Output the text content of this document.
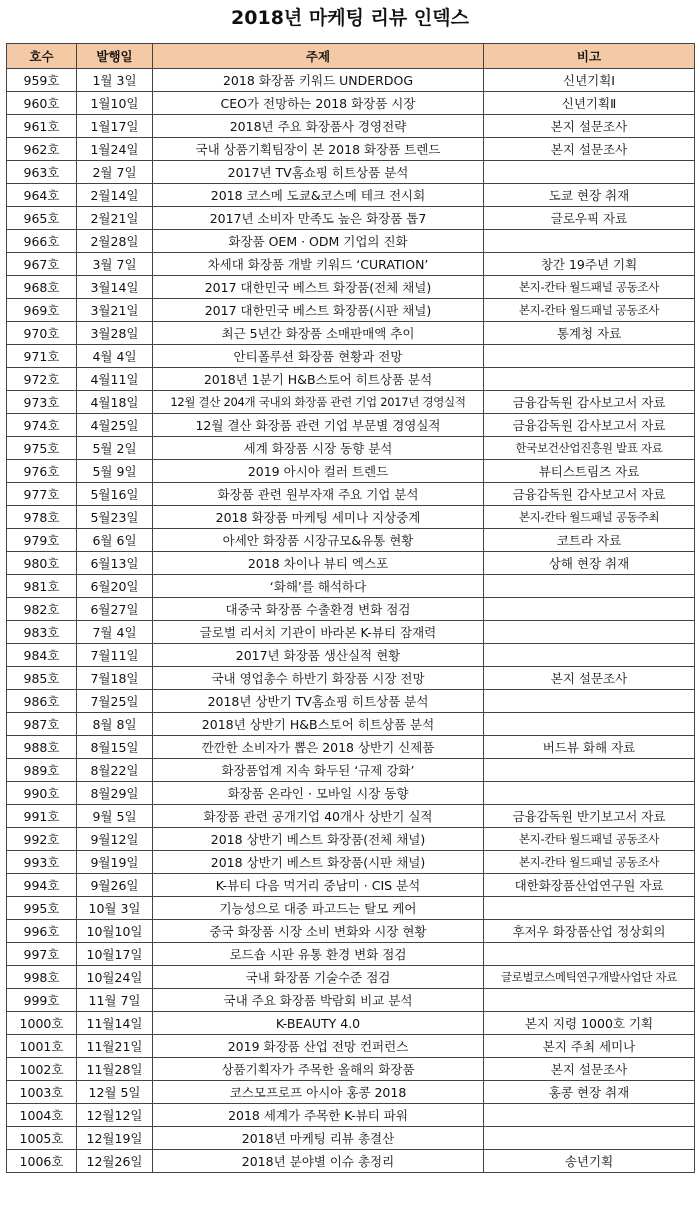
2018년 마케팅 리뷰 인덱스
호수	발행일	주제	비고
959호	1월 3일	2018 화장품 키워드 UNDERDOG	신년기획Ⅰ
960호	1월10일	CEO가 전망하는 2018 화장품 시장	신년기획Ⅱ
961호	1월17일	2018년 주요 화장품사 경영전략	본지 설문조사
962호	1월24일	국내 상품기획팀장이 본 2018 화장품 트렌드	본지 설문조사
963호	2월 7일	2017년 TV홈쇼핑 히트상품 분석	
964호	2월14일	2018 코스메 도쿄&코스메 테크 전시회	도쿄 현장 취재
965호	2월21일	2017년 소비자 만족도 높은 화장품 톱7	글로우픽 자료
966호	2월28일	화장품 OEM · ODM 기업의 진화	
967호	3월 7일	차세대 화장품 개발 키워드 ‘CURATION’	창간 19주년 기획
968호	3월14일	2017 대한민국 베스트 화장품(전체 채널)	본지-칸타 월드패널 공동조사
969호	3월21일	2017 대한민국 베스트 화장품(시판 채널)	본지-칸타 월드패널 공동조사
970호	3월28일	최근 5년간 화장품 소매판매액 추이	통계청 자료
971호	4월 4일	안티폴루션 화장품 현황과 전망	
972호	4월11일	2018년 1분기 H&B스토어 히트상품 분석	
973호	4월18일	12월 결산 204개 국내외 화장품 관련 기업 2017년 경영실적	금융감독원 감사보고서 자료
974호	4월25일	12월 결산 화장품 관련 기업 부문별 경영실적	금융감독원 감사보고서 자료
975호	5월 2일	세계 화장품 시장 동향 분석	한국보건산업진흥원 발표 자료
976호	5월 9일	2019 아시아 컬러 트렌드	뷰티스트림즈 자료
977호	5월16일	화장품 관련 원부자재 주요 기업 분석	금융감독원 감사보고서 자료
978호	5월23일	2018 화장품 마케팅 세미나 지상중계	본지-칸타 월드패널 공동주최
979호	6월 6일	아세안 화장품 시장규모&유통 현황	코트라 자료
980호	6월13일	2018 차이나 뷰티 엑스포	상해 현장 취재
981호	6월20일	‘화해’를 해석하다	
982호	6월27일	대중국 화장품 수출환경 변화 점검	
983호	7월 4일	글로벌 리서치 기관이 바라본 K-뷰티 잠재력	
984호	7월11일	2017년 화장품 생산실적 현황	
985호	7월18일	국내 영업총수 하반기 화장품 시장 전망	본지 설문조사
986호	7월25일	2018년 상반기 TV홈쇼핑 히트상품 분석	
987호	8월 8일	2018년 상반기 H&B스토어 히트상품 분석	
988호	8월15일	깐깐한 소비자가 뽑은 2018 상반기 신제품	버드뷰 화해 자료
989호	8월22일	화장품업계 지속 화두된 ‘규제 강화’	
990호	8월29일	화장품 온라인 · 모바일 시장 동향	
991호	9월 5일	화장품 관련 공개기업 40개사 상반기 실적	금융감독원 반기보고서 자료
992호	9월12일	2018 상반기 베스트 화장품(전체 채널)	본지-칸타 월드패널 공동조사
993호	9월19일	2018 상반기 베스트 화장품(시판 채널)	본지-칸타 월드패널 공동조사
994호	9월26일	K-뷰티 다음 먹거리 중남미 · CIS 분석	대한화장품산업연구원 자료
995호	10월 3일	기능성으로 대중 파고드는 탈모 케어	
996호	10월10일	중국 화장품 시장 소비 변화와 시장 현황	후저우 화장품산업 정상회의
997호	10월17일	로드숍 시판 유통 환경 변화 점검	
998호	10월24일	국내 화장품 기술수준 점검	글로벌코스메틱연구개발사업단 자료
999호	11월 7일	국내 주요 화장품 박람회 비교 분석	
1000호	11월14일	K-BEAUTY 4.0	본지 지령 1000호 기획
1001호	11월21일	2019 화장품 산업 전망 컨퍼런스	본지 주최 세미나
1002호	11월28일	상품기획자가 주목한 올해의 화장품	본지 설문조사
1003호	12월 5일	코스모프로프 아시아 홍콩 2018	홍콩 현장 취재
1004호	12월12일	2018 세계가 주목한 K-뷰티 파워	
1005호	12월19일	2018년 마케팅 리뷰 총결산	
1006호	12월26일	2018년 분야별 이슈 총정리	송년기획
